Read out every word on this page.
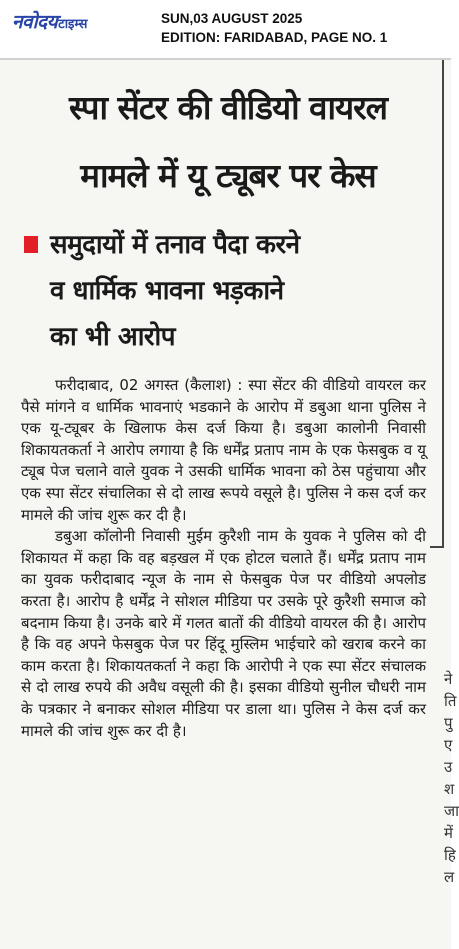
नवोदय टाइम्स	SUN,03 AUGUST 2025
EDITION: FARIDABAD, PAGE NO. 1
स्पा सेंटर की वीडियो वायरल
मामले में यू ट्यूबर पर केस
समुदायों में तनाव पैदा करने
व धार्मिक भावना भड़काने
का भी आरोप

फरीदाबाद, 02 अगस्त (कैलाश) : स्पा सेंटर की वीडियो वायरल कर पैसे मांगने व धार्मिक भावनाएं भडकाने के आरोप में डबुआ थाना पुलिस ने एक यू-ट्यूबर के खिलाफ केस दर्ज किया है। डबुआ कालोनी निवासी शिकायतकर्ता ने आरोप लगाया है कि धर्मेंद्र प्रताप नाम के एक फेसबुक व यू ट्यूब पेज चलाने वाले युवक ने उसकी धार्मिक भावना को ठेस पहुंचाया और एक स्पा सेंटर संचालिका से दो लाख रूपये वसूले है। पुलिस ने कस दर्ज कर मामले की जांच शुरू कर दी है।

डबुआ कॉलोनी निवासी मुईम कुरैशी नाम के युवक ने पुलिस को दी शिकायत में कहा कि वह बड़खल में एक होटल चलाते हैं। धर्मेंद्र प्रताप नाम का युवक फरीदाबाद न्यूज के नाम से फेसबुक पेज पर वीडियो अपलोड करता है। आरोप है धर्मेंद्र ने सोशल मीडिया पर उसके पूरे कुरैशी समाज को बदनाम किया है। उनके बारे में गलत बातों की वीडियो वायरल की है। आरोप है कि वह अपने फेसबुक पेज पर हिंदू मुस्लिम भाईचारे को खराब करने का काम करता है। शिकायतकर्ता ने कहा कि आरोपी ने एक स्पा सेंटर संचालक से दो लाख रुपये की अवैध वसूली की है। इसका वीडियो सुनील चौधरी नाम के पत्रकार ने बनाकर सोशल मीडिया पर डाला था। पुलिस ने केस दर्ज कर मामले की जांच शुरू कर दी है।

ने
ति
पु
ए
उ
श
जा
में
हि
ल
